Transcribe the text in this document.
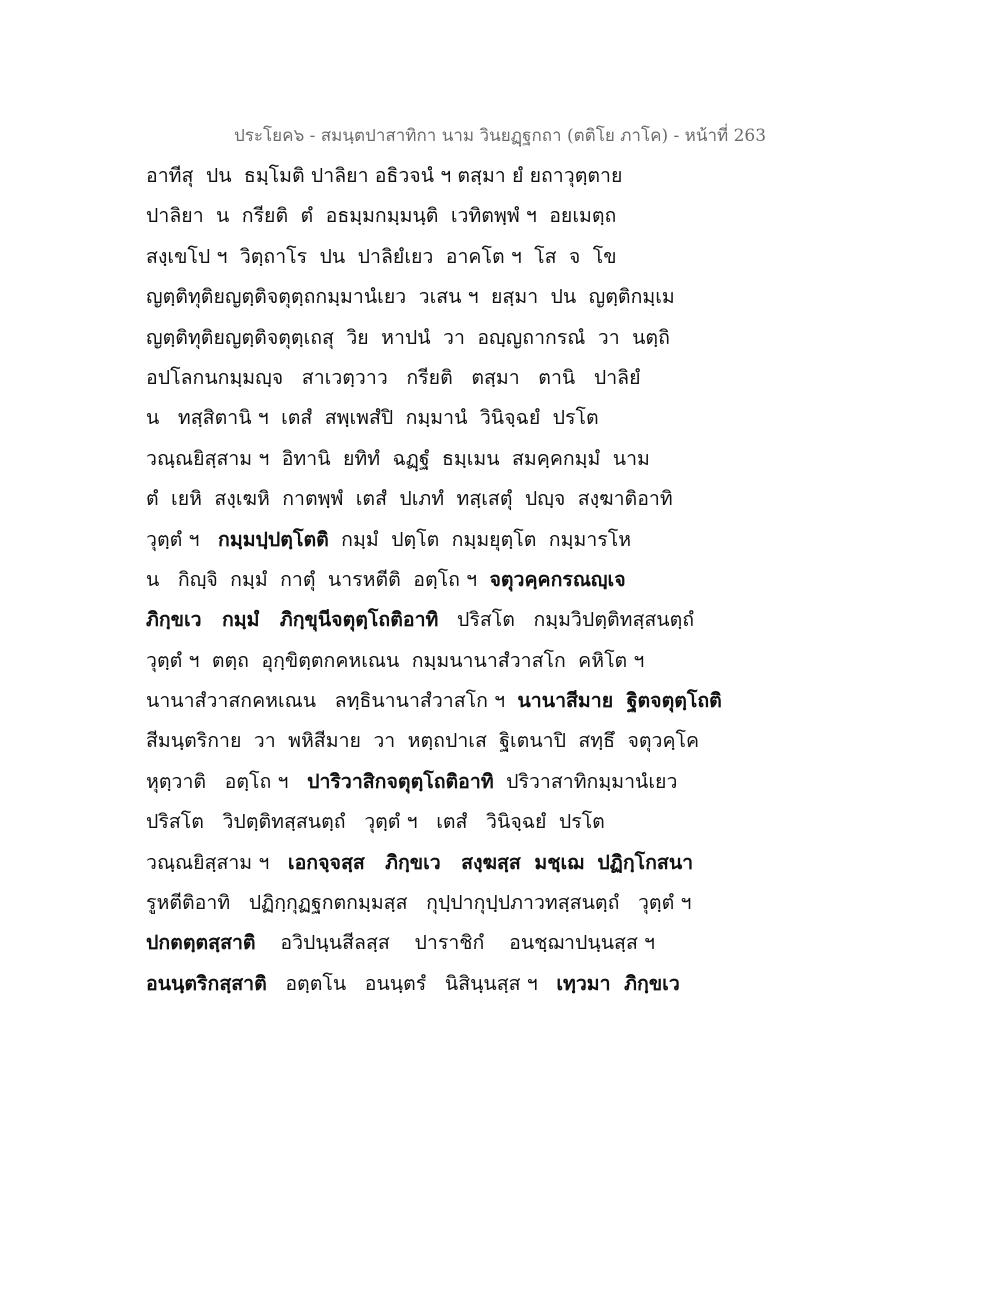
ประโยค๖ - สมนฺตปาสาทิกา นาม วินยฏฺฐกถา (ตติโย ภาโค) - หน้าที่ 263
อาทีสุ  ปน  ธมฺโมติ ปาลิยา อธิวจนํ ฯ ตสฺมา ยํ ยถาวุตฺตาย
ปาลิยา  น  กรียติ  ตํ  อธมฺมกมฺมนฺติ  เวทิตพฺพํ ฯ  อยเมตฺถ
สงฺเขโป ฯ  วิตฺถาโร  ปน  ปาลิยํเยว  อาคโต ฯ  โส  จ  โข
ญตฺติทุติยญตฺติจตุตฺถกมฺมานํเยว  วเสน ฯ  ยสฺมา  ปน  ญตฺติกมฺเม
ญตฺติทุติยญตฺติจตุตฺเถสุ  วิย  หาปนํ  วา  อญฺญถากรณํ  วา  นตฺถิ
อปโลกนกมฺมญฺจ   สาเวตฺวาว   กรียติ   ตสฺมา   ตานิ   ปาลิยํ
น   ทสฺสิตานิ ฯ  เตสํ  สพฺเพสํปิ  กมฺมานํ  วินิจฺฉยํ  ปรโต
วณฺณยิสฺสาม ฯ  อิทานิ  ยทิทํ  ฉฏฺฐํ  ธมฺเมน  สมคฺคกมฺมํ  นาม
ตํ  เยหิ  สงฺเฆหิ  กาตพฺพํ  เตสํ  ปเภทํ  ทสฺเสตุํ  ปญฺจ  สงฺฆาติอาทิ
วุตฺตํ ฯ   กมฺมปฺปตฺโตติ  กมฺมํ  ปตฺโต  กมฺมยุตฺโต  กมฺมารโห
น   กิญฺจิ  กมฺมํ  กาตุํ  นารหตีติ  อตฺโถ ฯ  จตุวคฺคกรณญฺเจ
ภิกฺขเว   กมฺมํ   ภิกฺขุนีจตุตฺโถติอาทิ   ปริสโต   กมฺมวิปตฺติทสฺสนตฺถํ
วุตฺตํ ฯ  ตตฺถ  อุกฺขิตฺตกคหเณน  กมฺมนานาสํวาสโก  คหิโต ฯ
นานาสํวาสกคหเณน   ลทฺธินานาสํวาสโก ฯ  นานาสีมาย  ฐิตจตุตฺโถติ
สีมนฺตริกาย  วา  พหิสีมาย  วา  หตฺถปาเส  ฐิเตนาปิ  สทฺธึ  จตุวคฺโค
หุตฺวาติ   อตฺโถ ฯ   ปาริวาสิกจตุตฺโถติอาทิ  ปริวาสาทิกมฺมานํเยว
ปริสโต   วิปตฺติทสฺสนตฺถํ   วุตฺตํ ฯ   เตสํ   วินิจฺฉยํ  ปรโต
วณฺณยิสฺสาม ฯ   เอกจฺจสฺส   ภิกฺขเว   สงฺฆสฺส  มชฺเฌ  ปฏิกฺโกสนา
รูหตีติอาทิ   ปฏิกฺกุฏฐกตกมฺมสฺส   กุปฺปากุปฺปภาวทสฺสนตฺถํ   วุตฺตํ ฯ
ปกตตฺตสฺสาติ    อวิปนฺนสีลสฺส    ปาราชิกํ    อนชฺฌาปนฺนสฺส ฯ
อนนฺตริกสฺสาติ   อตฺตโน   อนนฺตรํ   นิสินฺนสฺส ฯ   เทฺวมา  ภิกฺขเว
